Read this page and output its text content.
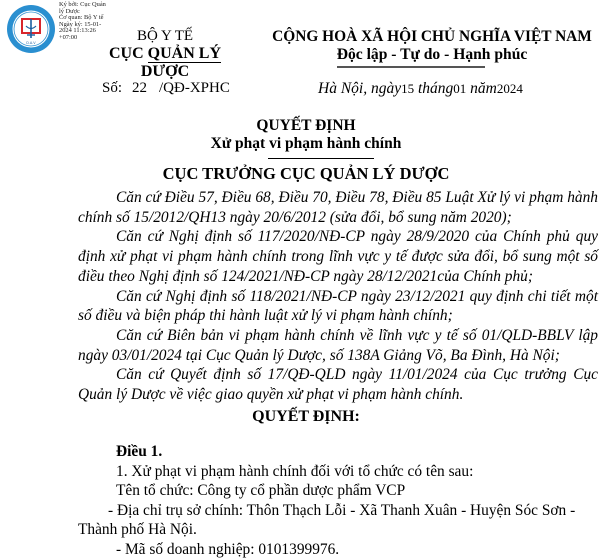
D.A.V
Ký bởi: Cục Quản
lý Dược
Cơ quan: Bộ Y tế
Ngày ký: 15-01-
2024 11:13:26
+07:00	BỘ Y TẾ
CỤC QUẢN LÝ DƯỢC
CỘNG HOÀ XÃ HỘI CHỦ NGHĨA VIỆT NAM
Độc lập - Tự do - Hạnh phúc
Số: 22 /QĐ-XPHC	Hà Nội, ngày15 tháng01 năm2024
QUYẾT ĐỊNH
Xử phạt vi phạm hành chính
CỤC TRƯỞNG CỤC QUẢN LÝ DƯỢC
Căn cứ Điều 57, Điều 68, Điều 70, Điều 78, Điều 85 Luật Xử lý vi phạm hành chính số 15/2012/QH13 ngày 20/6/2012 (sửa đổi, bổ sung năm 2020);
Căn cứ Nghị định số 117/2020/NĐ-CP ngày 28/9/2020 của Chính phủ quy định xử phạt vi phạm hành chính trong lĩnh vực y tế được sửa đổi, bổ sung một số điều theo Nghị định số 124/2021/NĐ-CP ngày 28/12/2021của Chính phủ;
Căn cứ Nghị định số 118/2021/NĐ-CP ngày 23/12/2021 quy định chi tiết một số điều và biện pháp thi hành luật xử lý vi phạm hành chính;
Căn cứ Biên bản vi phạm hành chính về lĩnh vực y tế số 01/QLD-BBLV lập ngày 03/01/2024 tại Cục Quản lý Dược, số 138A Giảng Võ, Ba Đình, Hà Nội;
Căn cứ Quyết định số 17/QĐ-QLD ngày 11/01/2024 của Cục trưởng Cục Quản lý Dược về việc giao quyền xử phạt vi phạm hành chính.
QUYẾT ĐỊNH:
Điều 1.
1. Xử phạt vi phạm hành chính đối với tổ chức có tên sau:
Tên tổ chức: Công ty cổ phần dược phẩm VCP
- Địa chỉ trụ sở chính: Thôn Thạch Lỗi - Xã Thanh Xuân - Huyện Sóc Sơn -
Thành phố Hà Nội.
- Mã số doanh nghiệp: 0101399976.
